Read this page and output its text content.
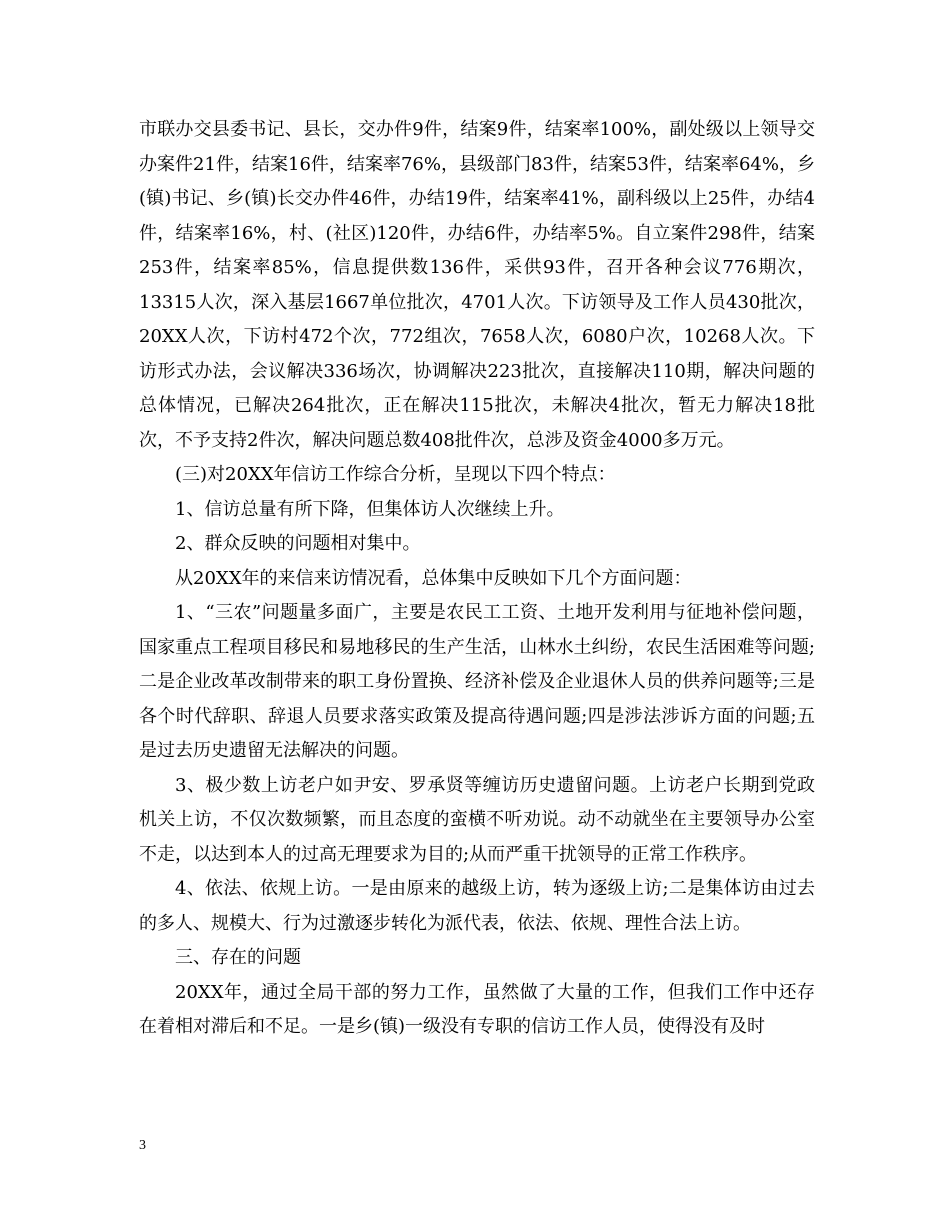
市联办交县委书记、县长，交办件9件，结案9件，结案率100%，副处级以上领导交办案件21件，结案16件，结案率76%，县级部门83件，结案53件，结案率64%，乡(镇)书记、乡(镇)长交办件46件，办结19件，结案率41%，副科级以上25件，办结4件，结案率16%，村、(社区)120件，办结6件，办结率5%。自立案件298件，结案253件，结案率85%，信息提供数136件，采供93件，召开各种会议776期次，13315人次，深入基层1667单位批次，4701人次。下访领导及工作人员430批次，20XX人次，下访村472个次，772组次，7658人次，6080户次，10268人次。下访形式办法，会议解决336场次，协调解决223批次，直接解决110期，解决问题的总体情况，已解决264批次，正在解决115批次，未解决4批次，暂无力解决18批次，不予支持2件次，解决问题总数408批件次，总涉及资金4000多万元。

(三)对20XX年信访工作综合分析，呈现以下四个特点：

1、信访总量有所下降，但集体访人次继续上升。

2、群众反映的问题相对集中。

从20XX年的来信来访情况看，总体集中反映如下几个方面问题：

1、“三农”问题量多面广，主要是农民工工资、土地开发利用与征地补偿问题，国家重点工程项目移民和易地移民的生产生活，山林水土纠纷，农民生活困难等问题;二是企业改革改制带来的职工身份置换、经济补偿及企业退休人员的供养问题等;三是各个时代辞职、辞退人员要求落实政策及提高待遇问题;四是涉法涉诉方面的问题;五是过去历史遗留无法解决的问题。

3、极少数上访老户如尹安、罗承贤等缠访历史遗留问题。上访老户长期到党政机关上访，不仅次数频繁，而且态度的蛮横不听劝说。动不动就坐在主要领导办公室不走，以达到本人的过高无理要求为目的;从而严重干扰领导的正常工作秩序。

4、依法、依规上访。一是由原来的越级上访，转为逐级上访;二是集体访由过去的多人、规模大、行为过激逐步转化为派代表，依法、依规、理性合法上访。

三、存在的问题

20XX年，通过全局干部的努力工作，虽然做了大量的工作，但我们工作中还存在着相对滞后和不足。一是乡(镇)一级没有专职的信访工作人员，使得没有及时

3
